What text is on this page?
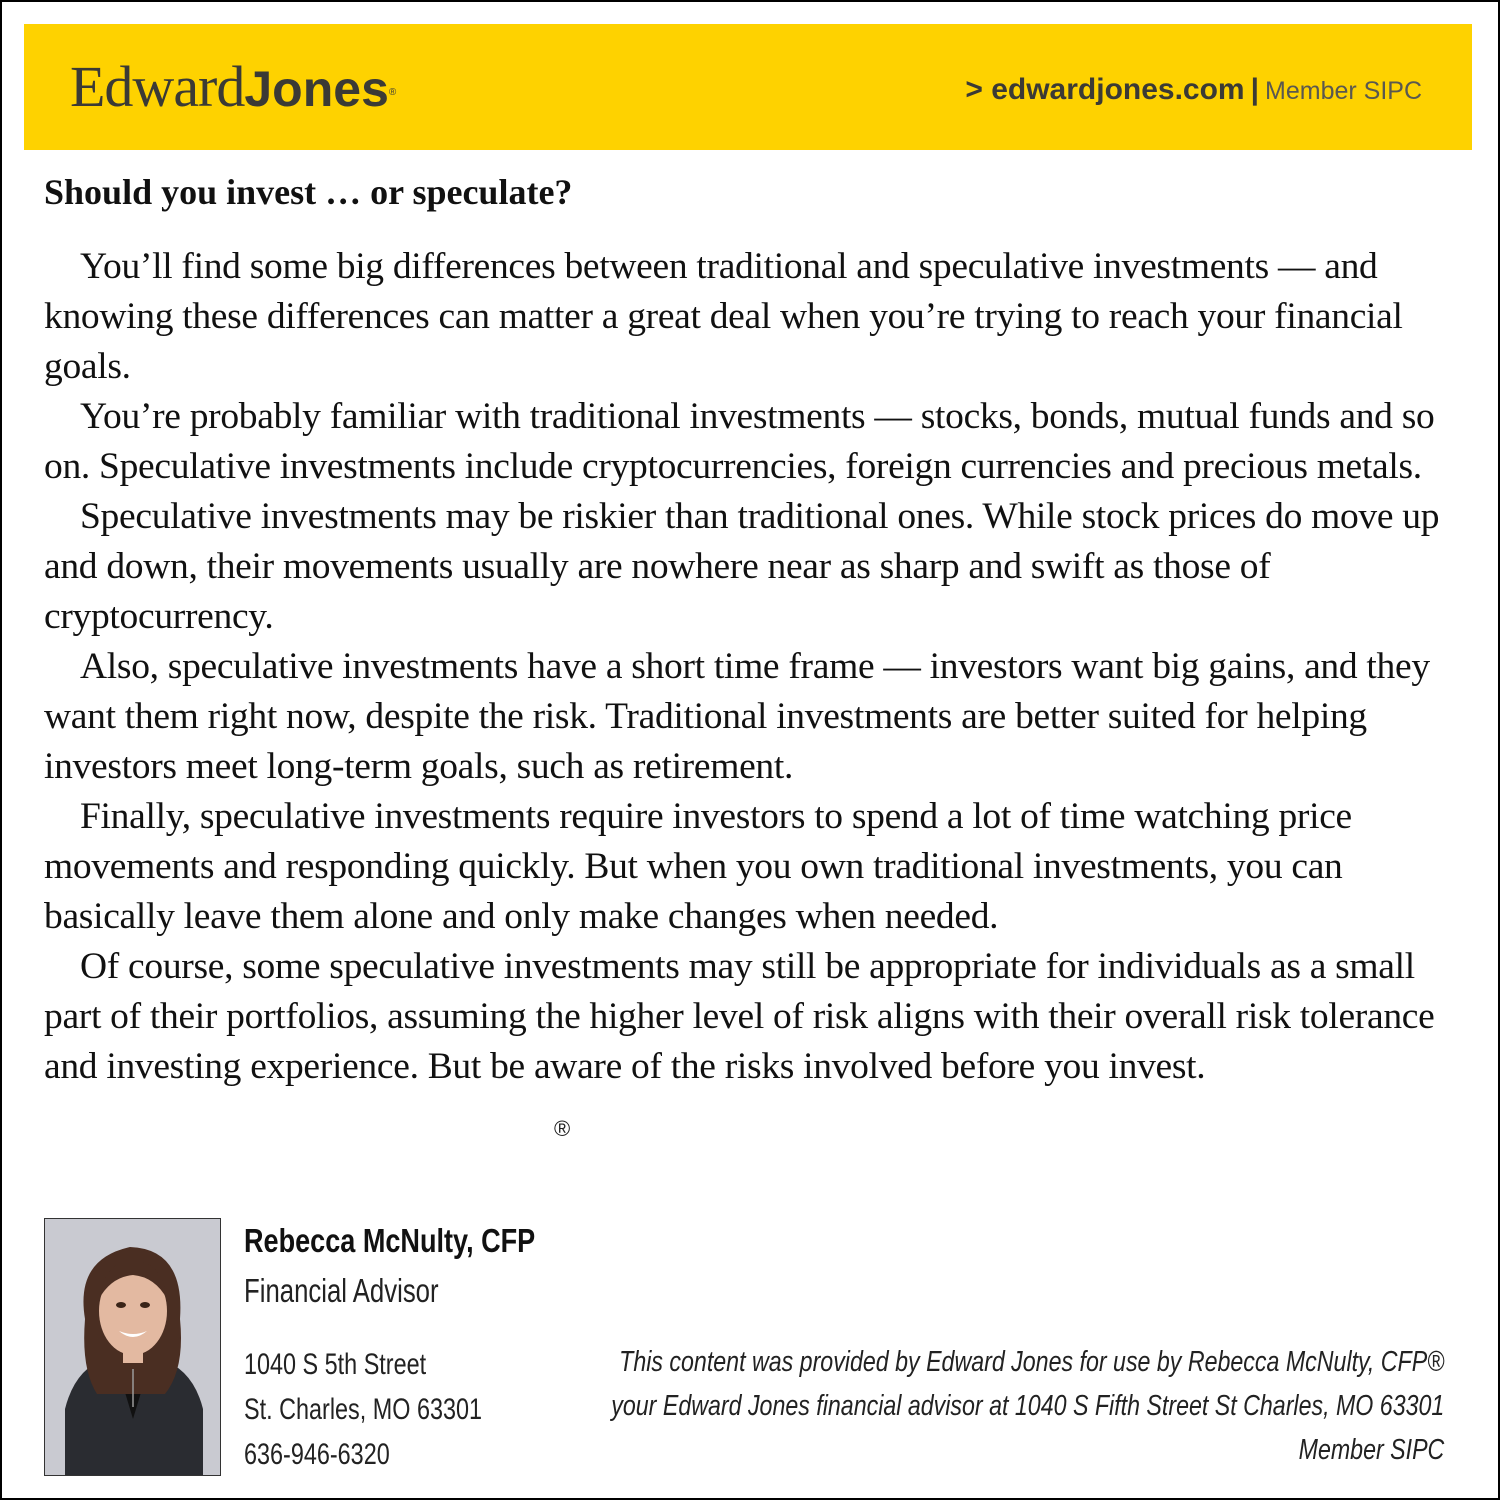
EdwardJones®	> edwardjones.com | Member SIPC
Should you invest … or speculate?

You’ll find some big differences between traditional and speculative investments — and knowing these differences can matter a great deal when you’re trying to reach your financial goals.

You’re probably familiar with traditional investments — stocks, bonds, mutual funds and so on. Speculative investments include cryptocurrencies, foreign currencies and precious metals.

Speculative investments may be riskier than traditional ones. While stock prices do move up and down, their movements usually are nowhere near as sharp and swift as those of cryptocurrency.

Also, speculative investments have a short time frame — investors want big gains, and they want them right now, despite the risk. Traditional investments are better suited for helping investors meet long-term goals, such as retirement.

Finally, speculative investments require investors to spend a lot of time watching price movements and responding quickly. But when you own traditional investments, you can basically leave them alone and only make changes when needed.

Of course, some speculative investments may still be appropriate for individuals as a small part of their portfolios, assuming the higher level of risk aligns with their overall risk tolerance and investing experience. But be aware of the risks involved before you invest.

®
Rebecca McNulty, CFP
Financial Advisor
1040 S 5th Street
St. Charles, MO 63301
636-946-6320
This content was provided by Edward Jones for use by Rebecca McNulty, CFP®
your Edward Jones financial advisor at 1040 S Fifth Street St Charles, MO 63301
Member SIPC
